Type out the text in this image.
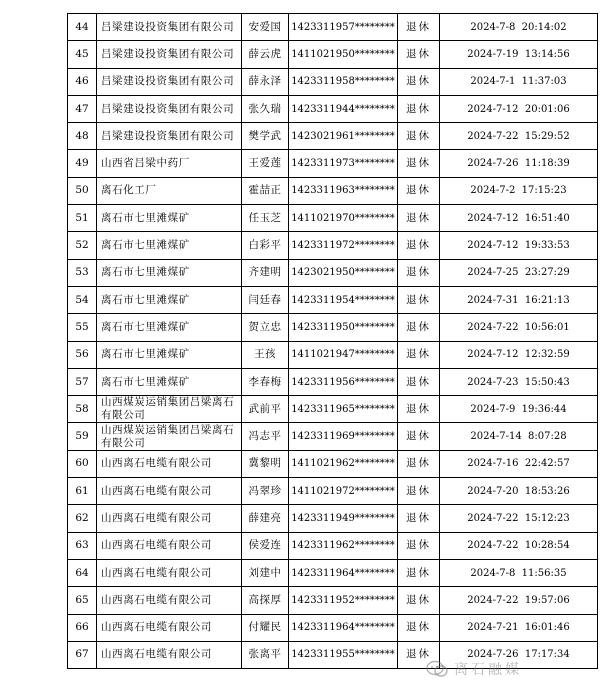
44	吕梁建设投资集团有限公司	安爱国	1423311957********	退休	2024-7-8  20:14:02

45	吕梁建设投资集团有限公司	薛云虎	1411021950********	退休	2024-7-19  13:14:56

46	吕梁建设投资集团有限公司	薛永泽	1423311958********	退休	2024-7-1  11:37:03

47	吕梁建设投资集团有限公司	张久瑞	1423311944********	退休	2024-7-12  20:01:06

48	吕梁建设投资集团有限公司	樊学武	1423021961********	退休	2024-7-22  15:29:52

49	山西省吕梁中药厂	王爱莲	1423311973********	退休	2024-7-26  11:18:39

50	离石化工厂	霍喆正	1423311963********	退休	2024-7-2  17:15:23

51	离石市七里滩煤矿	任玉芝	1411021970********	退休	2024-7-12  16:51:40

52	离石市七里滩煤矿	白彩平	1423311972********	退休	2024-7-12  19:33:53

53	离石市七里滩煤矿	齐建明	1423021950********	退休	2024-7-25  23:27:29

54	离石市七里滩煤矿	闫廷春	1423311954********	退休	2024-7-31  16:21:13

55	离石市七里滩煤矿	贺立忠	1423311950********	退休	2024-7-22  10:56:01

56	离石市七里滩煤矿	王孩	1411021947********	退休	2024-7-12  12:32:59

57	离石市七里滩煤矿	李春梅	1423311956********	退休	2024-7-23  15:50:43

58	山西煤炭运销集团吕梁离石有限公司	武前平	1423311965********	退休	2024-7-9  19:36:44

59	山西煤炭运销集团吕梁离石有限公司	冯志平	1423311969********	退休	2024-7-14  8:07:28

60	山西离石电缆有限公司	冀黎明	1411021962********	退休	2024-7-16  22:42:57

61	山西离石电缆有限公司	冯翠珍	1411021972********	退休	2024-7-20  18:53:26

62	山西离石电缆有限公司	薛建亮	1423311949********	退休	2024-7-22  15:12:23

63	山西离石电缆有限公司	侯爱连	1423311962********	退休	2024-7-22  10:28:54

64	山西离石电缆有限公司	刘建中	1423311964********	退休	2024-7-8  11:56:35

65	山西离石电缆有限公司	高探厚	1423311952********	退休	2024-7-22  19:57:06

66	山西离石电缆有限公司	付耀民	1423311964********	退休	2024-7-21  16:01:46

67	山西离石电缆有限公司	张离平	1423311955********	退休	2024-7-26  17:17:34
离石融媒
